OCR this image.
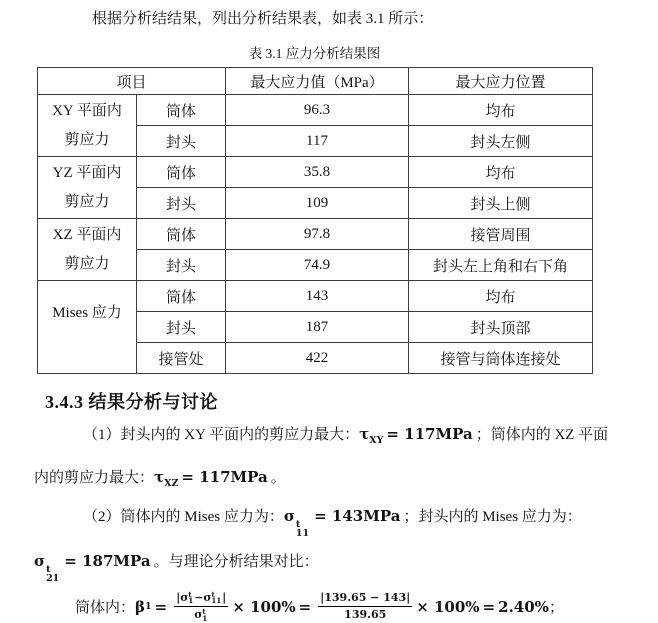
根据分析结结果，列出分析结果表，如表 3.1 所示：

表 3.1 应力分析结果图
项目		最大应力值（MPa）	最大应力位置

XY 平面内
剪应力	筒体	96.3	均布
	封头	117	封头左侧

YZ 平面内
剪应力	筒体	35.8	均布
	封头	109	封头上侧

XZ 平面内
剪应力	筒体	97.8	接管周围
	封头	74.9	封头左上角和右下角

Mises 应力	筒体	143	均布
	封头	187	封头顶部
	接管处	422	接管与筒体连接处
3.4.3 结果分析与讨论
（1）封头内的 XY 平面内的剪应力最大：$\tau_{XY} = 117MPa$ ；筒体内的 XZ 平面
内的剪应力最大：$\tau_{XZ} = 117MPa$ 。
（2）筒体内的 Mises 应力为：σ t
11
= 143MPa ；封头内的 Mises 应力为：
σ t
21
= 187MPa 。与理论分析结果对比：
筒体内： β 1 = | σ t
1 − σ t
11 |
σ t
$1 \times 100\% = \frac{|139.65 - 143|}{139.65} \times 100\% = 2.40\%$ ；
